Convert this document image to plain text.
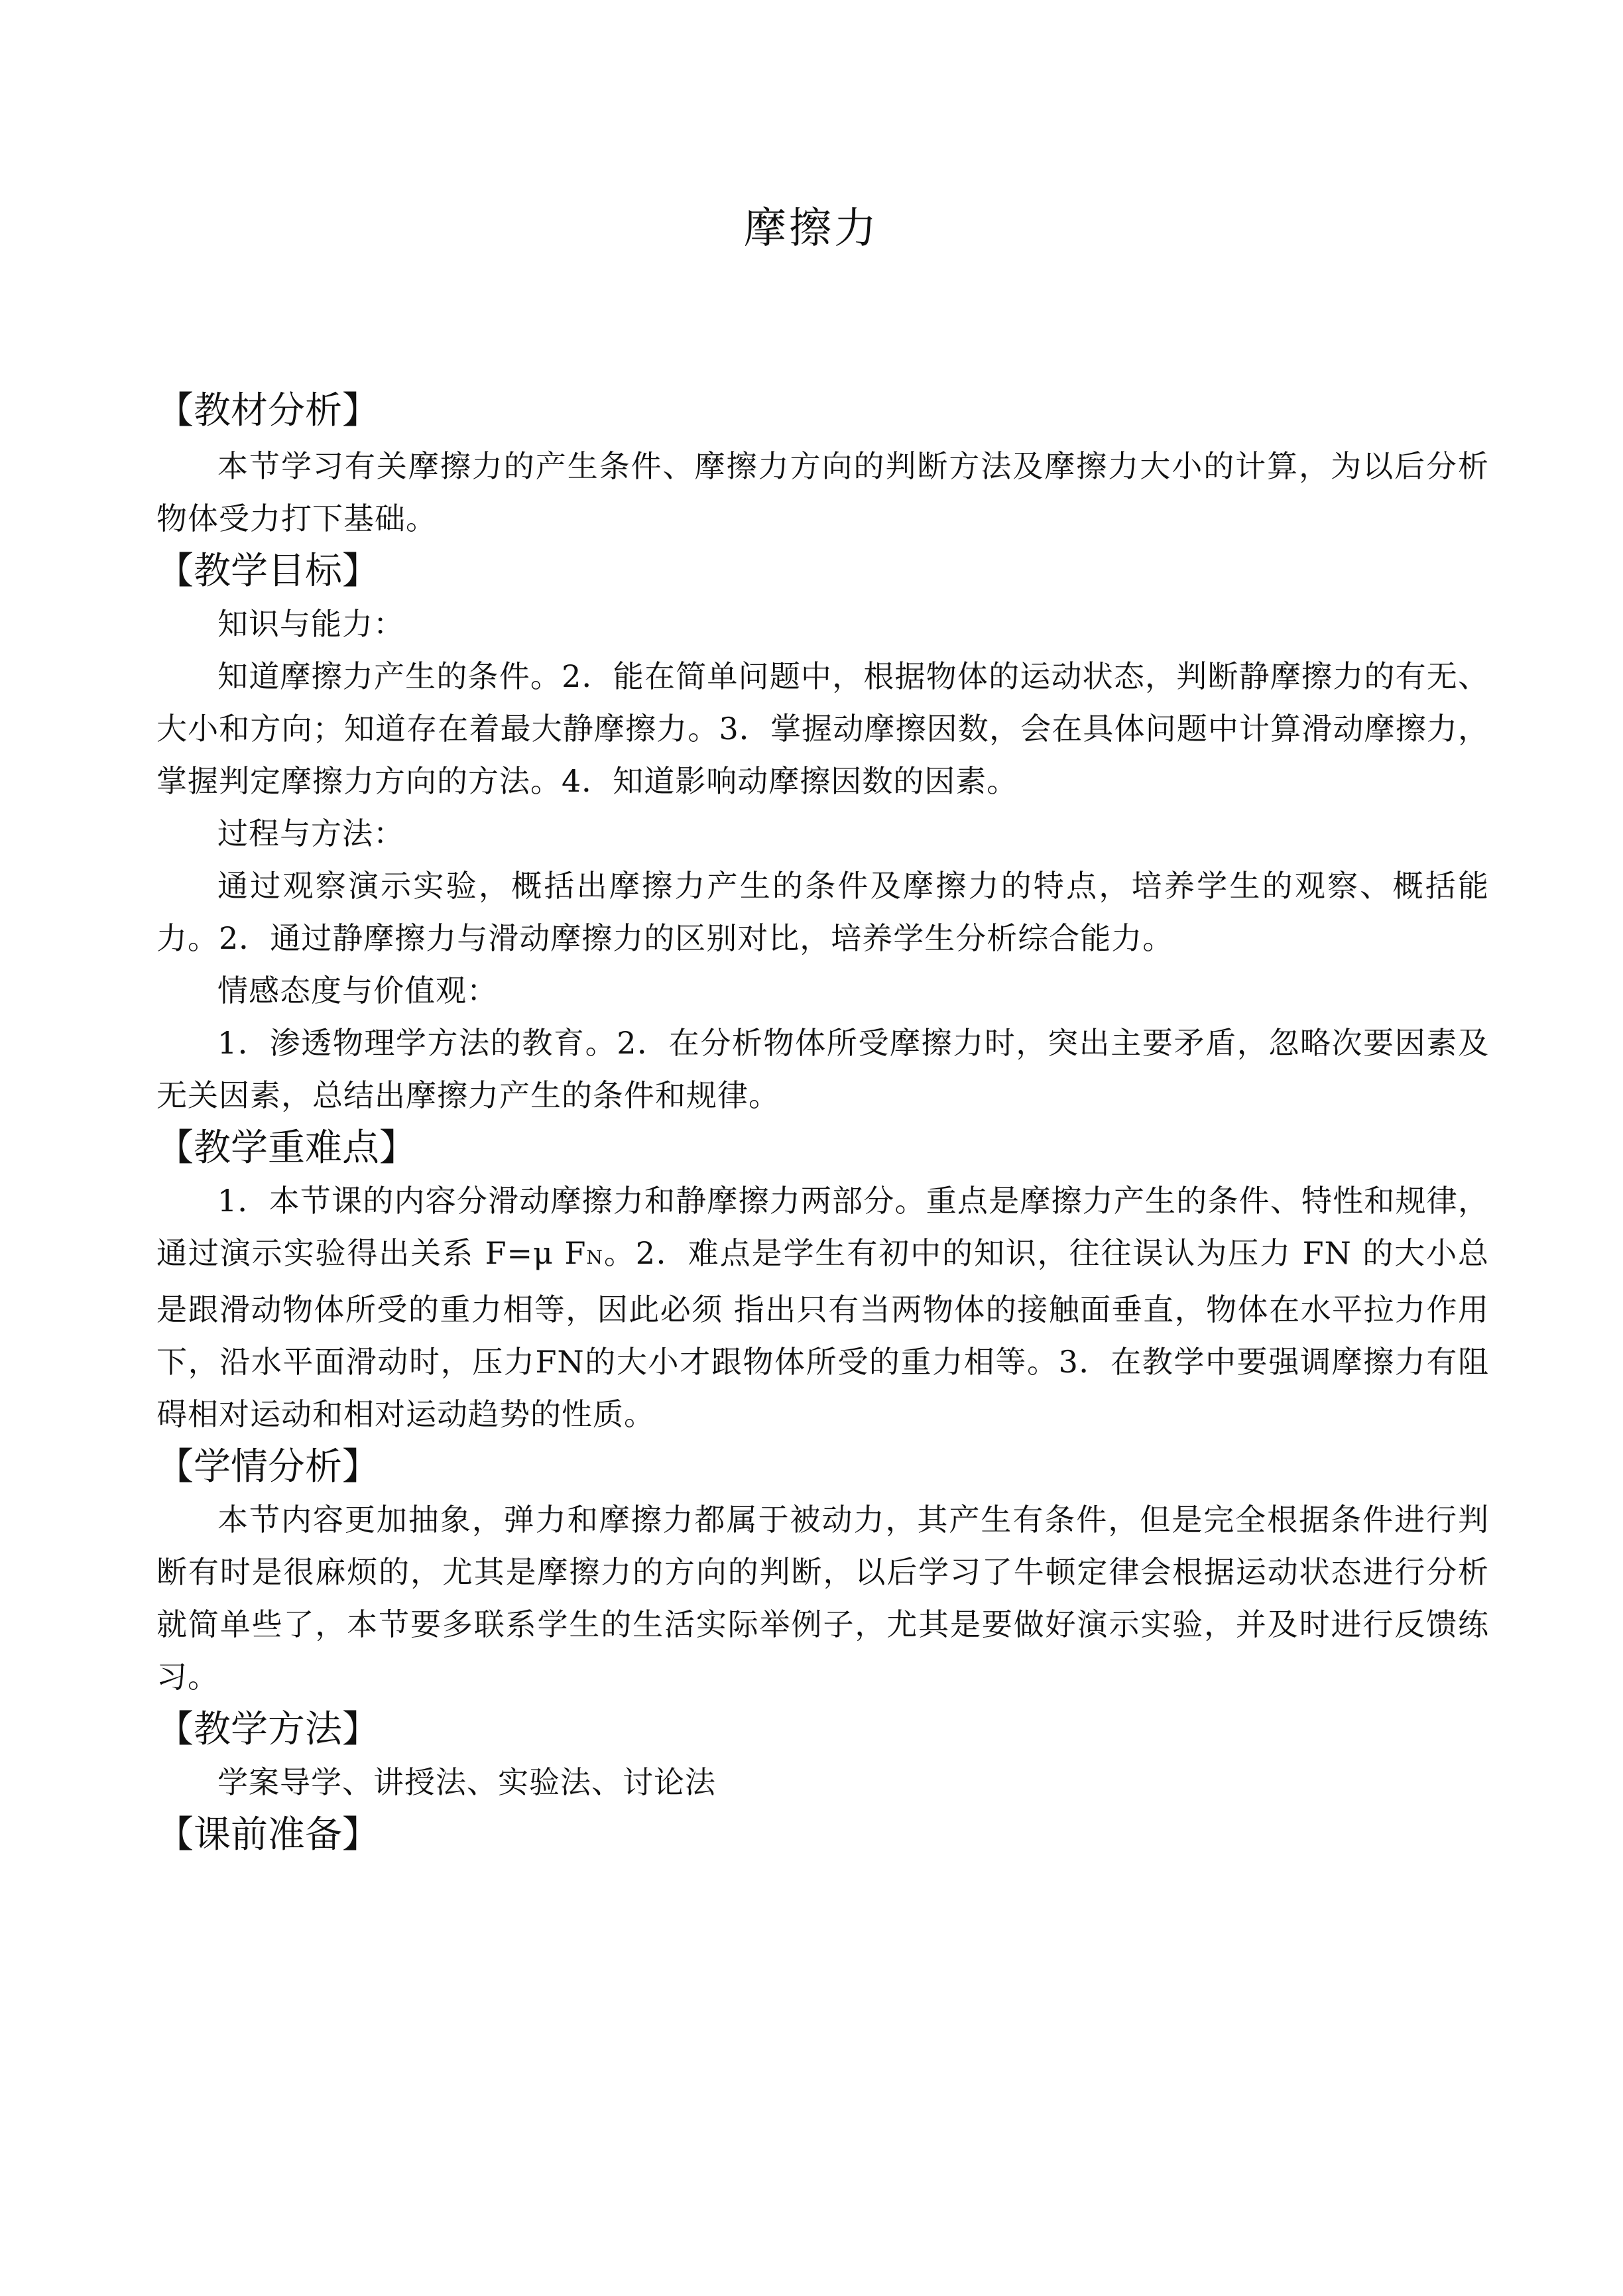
摩擦力
【教材分析】

本节学习有关摩擦力的产生条件、摩擦力方向的判断方法及摩擦力大小的计算，为以后分析物体受力打下基础。

【教学目标】

知识与能力：

知道摩擦力产生的条件。2．能在简单问题中，根据物体的运动状态，判断静摩擦力的有无、大小和方向；知道存在着最大静摩擦力。3．掌握动摩擦因数，会在具体问题中计算滑动摩擦力，掌握判定摩擦力方向的方法。4．知道影响动摩擦因数的因素。

过程与方法：

通过观察演示实验，概括出摩擦力产生的条件及摩擦力的特点，培养学生的观察、概括能力。2．通过静摩擦力与滑动摩擦力的区别对比，培养学生分析综合能力。

情感态度与价值观：

1．渗透物理学方法的教育。2．在分析物体所受摩擦力时，突出主要矛盾，忽略次要因素及无关因素，总结出摩擦力产生的条件和规律。

【教学重难点】

1．本节课的内容分滑动摩擦力和静摩擦力两部分。重点是摩擦力产生的条件、特性和规律，通过演示实验得出关系 F=μ FN。2．难点是学生有初中的知识，往往误认为压力 FN 的大小总是跟滑动物体所受的重力相等，因此必须 指出只有当两物体的接触面垂直，物体在水平拉力作用下，沿水平面滑动时，压力FN的大小才跟物体所受的重力相等。3．在教学中要强调摩擦力有阻碍相对运动和相对运动趋势的性质。

【学情分析】

本节内容更加抽象，弹力和摩擦力都属于被动力，其产生有条件，但是完全根据条件进行判断有时是很麻烦的，尤其是摩擦力的方向的判断，以后学习了牛顿定律会根据运动状态进行分析就简单些了，本节要多联系学生的生活实际举例子，尤其是要做好演示实验，并及时进行反馈练习。

【教学方法】

学案导学、讲授法、实验法、讨论法

【课前准备】
